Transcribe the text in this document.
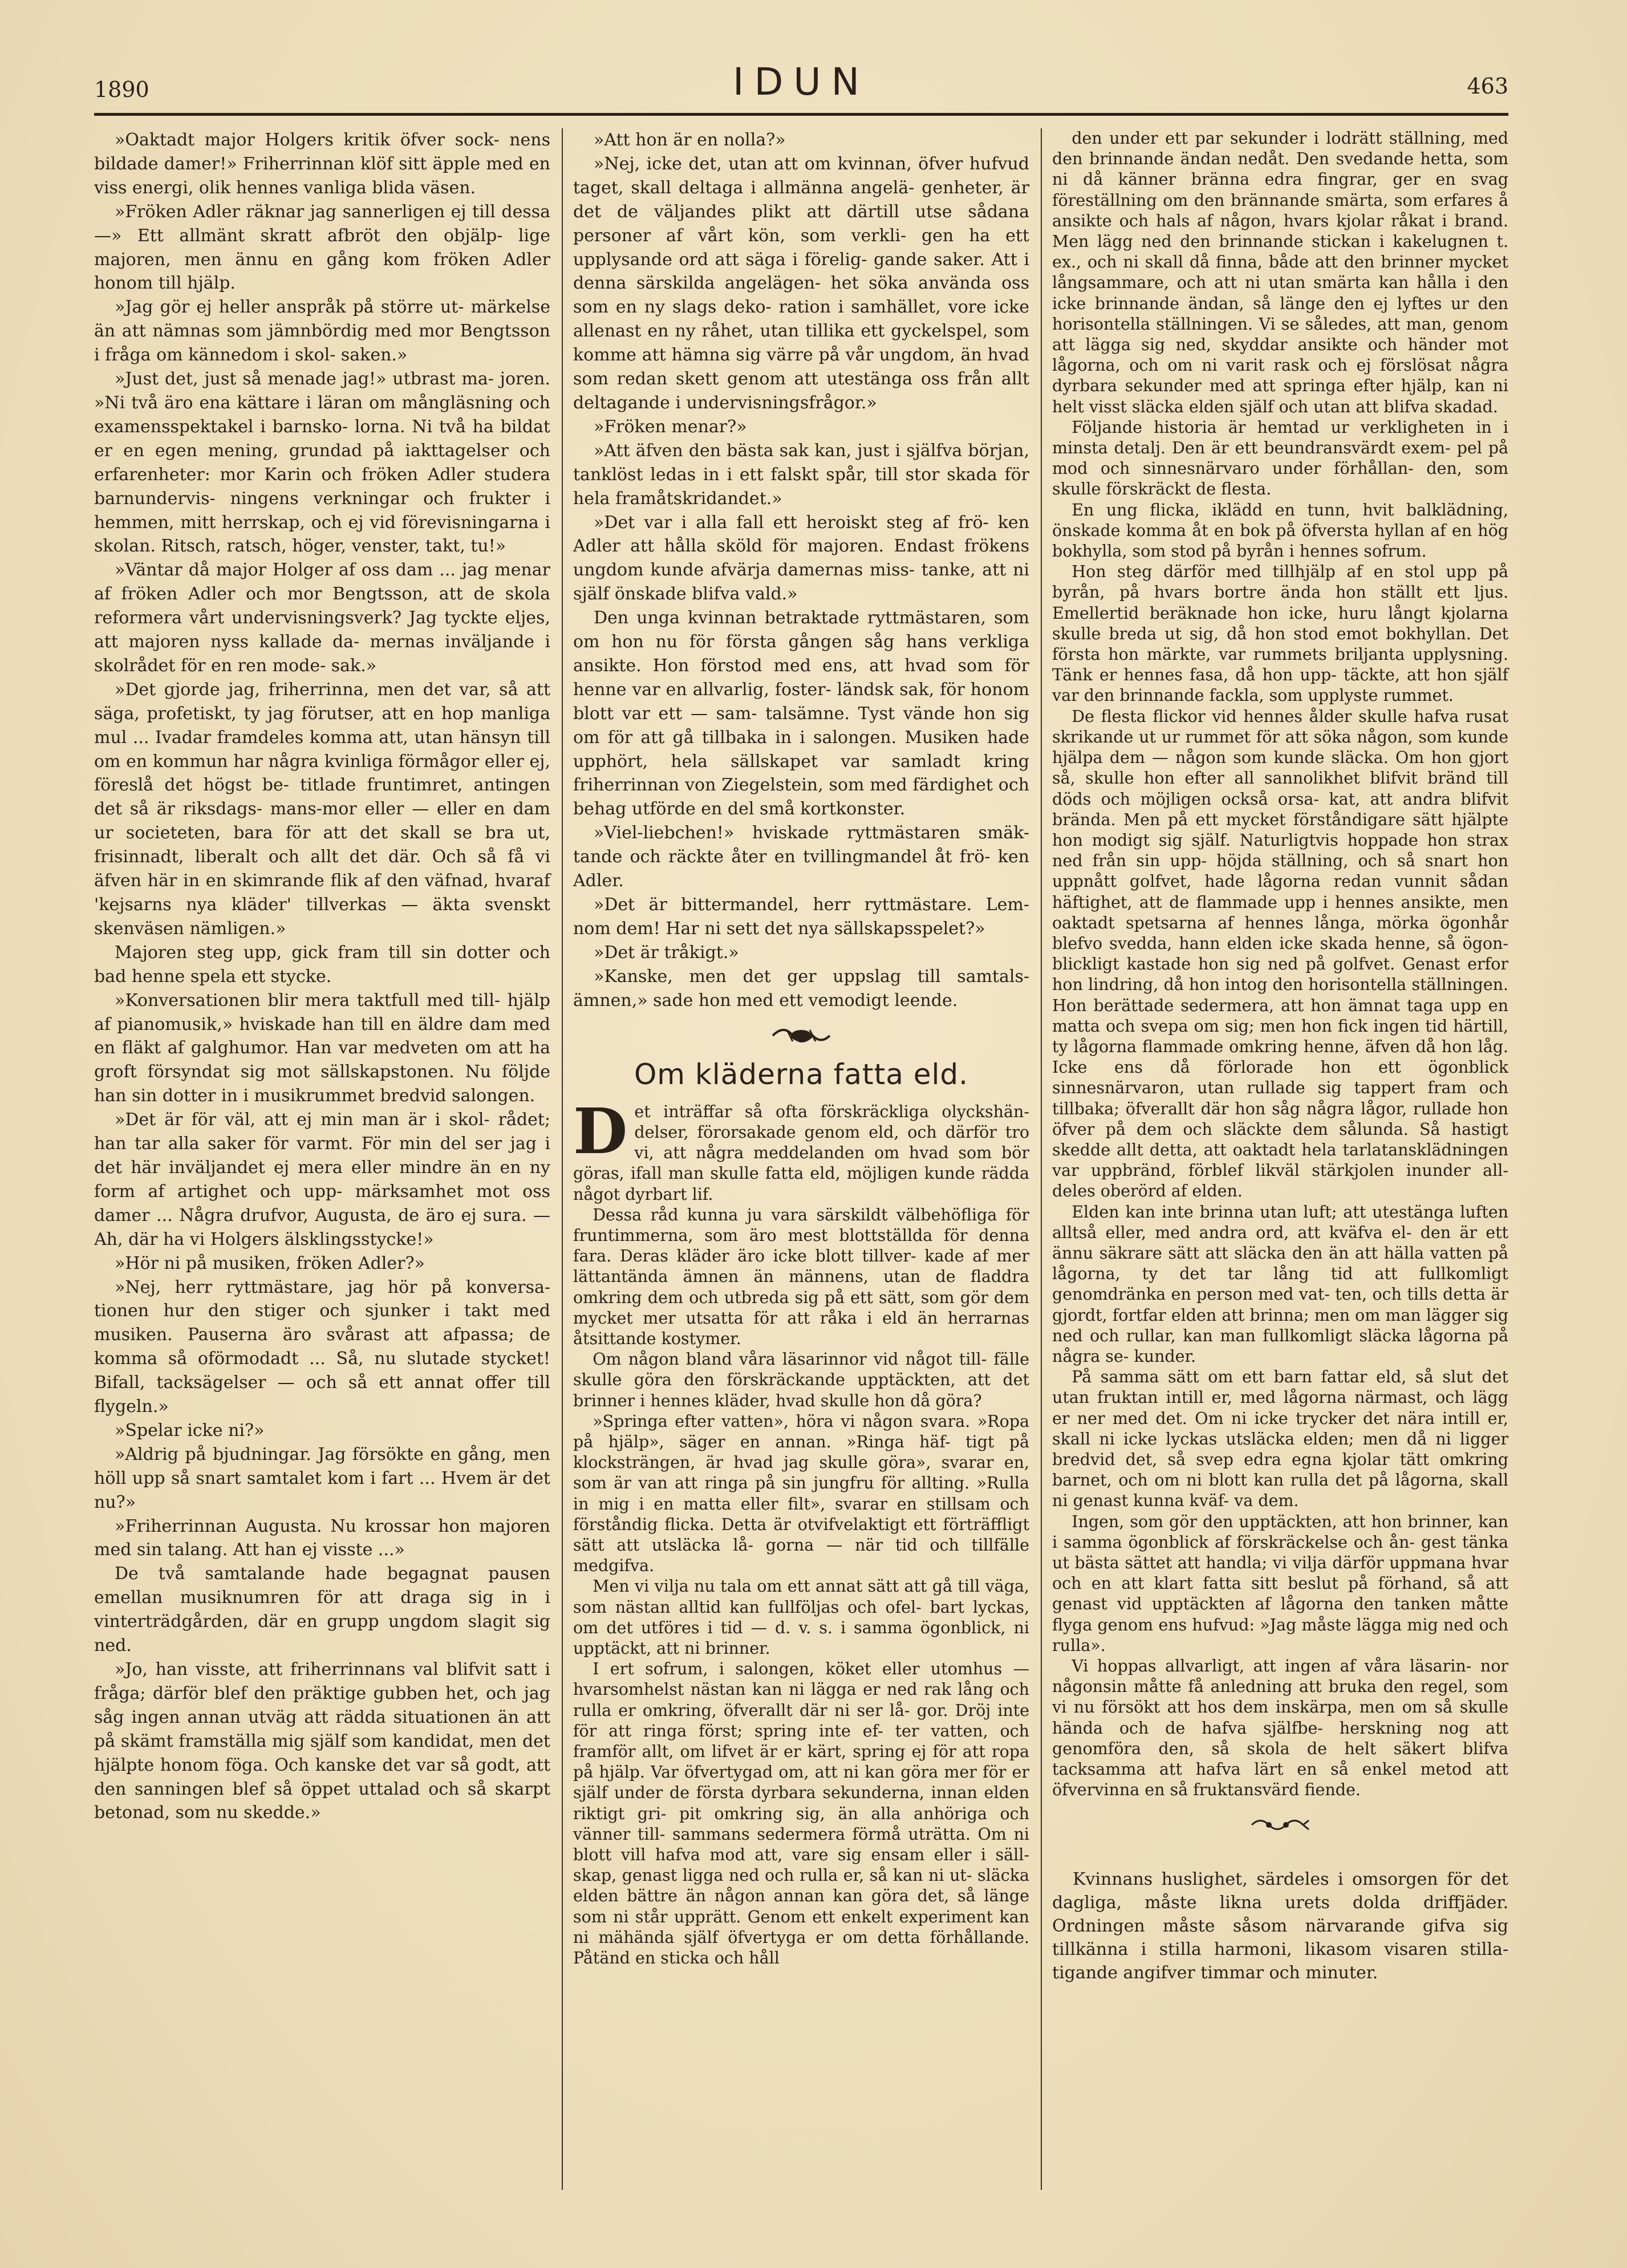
1890	IDUN	463

»Oaktadt major Holgers kritik öfver sock- nens bildade damer!» Friherrinnan klöf sitt äpple med en viss energi, olik hennes vanliga blida väsen.

»Fröken Adler räknar jag sannerligen ej till dessa —» Ett allmänt skratt afbröt den objälp- lige majoren, men ännu en gång kom fröken Adler honom till hjälp.

»Jag gör ej heller anspråk på större ut- märkelse än att nämnas som jämnbördig med mor Bengtsson i fråga om kännedom i skol- saken.»

»Just det, just så menade jag!» utbrast ma- joren. »Ni två äro ena kättare i läran om mångläsning och examensspektakel i barnsko- lorna. Ni två ha bildat er en egen mening, grundad på iakttagelser och erfarenheter: mor Karin och fröken Adler studera barnundervis- ningens verkningar och frukter i hemmen, mitt herrskap, och ej vid förevisningarna i skolan. Ritsch, ratsch, höger, venster, takt, tu!»

»Väntar då major Holger af oss dam ... jag menar af fröken Adler och mor Bengtsson, att de skola reformera vårt undervisningsverk? Jag tyckte eljes, att majoren nyss kallade da- mernas inväljande i skolrådet för en ren mode- sak.»

»Det gjorde jag, friherrinna, men det var, så att säga, profetiskt, ty jag förutser, att en hop manliga mul ... Ivadar framdeles komma att, utan hänsyn till om en kommun har några kvinliga förmågor eller ej, föreslå det högst be- titlade fruntimret, antingen det så är riksdags- mans-mor eller — eller en dam ur societeten, bara för att det skall se bra ut, frisinnadt, liberalt och allt det där. Och så få vi äfven här in en skimrande flik af den väfnad, hvaraf 'kejsarns nya kläder' tillverkas — äkta svenskt skenväsen nämligen.»

Majoren steg upp, gick fram till sin dotter och bad henne spela ett stycke.

»Konversationen blir mera taktfull med till- hjälp af pianomusik,» hviskade han till en äldre dam med en fläkt af galghumor. Han var medveten om att ha groft försyndat sig mot sällskapstonen. Nu följde han sin dotter in i musikrummet bredvid salongen.

»Det är för väl, att ej min man är i skol- rådet; han tar alla saker för varmt. För min del ser jag i det här inväljandet ej mera eller mindre än en ny form af artighet och upp- märksamhet mot oss damer ... Några drufvor, Augusta, de äro ej sura. — Ah, där ha vi Holgers älsklingsstycke!»

»Hör ni på musiken, fröken Adler?»

»Nej, herr ryttmästare, jag hör på konversa- tionen hur den stiger och sjunker i takt med musiken. Pauserna äro svårast att afpassa; de komma så oförmodadt ... Så, nu slutade stycket! Bifall, tacksägelser — och så ett annat offer till flygeln.»

»Spelar icke ni?»

»Aldrig på bjudningar. Jag försökte en gång, men höll upp så snart samtalet kom i fart ... Hvem är det nu?»

»Friherrinnan Augusta. Nu krossar hon majoren med sin talang. Att han ej visste ...»

De två samtalande hade begagnat pausen emellan musiknumren för att draga sig in i vinterträdgården, där en grupp ungdom slagit sig ned.

»Jo, han visste, att friherrinnans val blifvit satt i fråga; därför blef den präktige gubben het, och jag såg ingen annan utväg att rädda situationen än att på skämt framställa mig själf som kandidat, men det hjälpte honom föga. Och kanske det var så godt, att den sanningen blef så öppet uttalad och så skarpt betonad, som nu skedde.»

»Att hon är en nolla?»

»Nej, icke det, utan att om kvinnan, öfver hufvud taget, skall deltaga i allmänna angelä- genheter, är det de väljandes plikt att därtill utse sådana personer af vårt kön, som verkli- gen ha ett upplysande ord att säga i förelig- gande saker. Att i denna särskilda angelägen- het söka använda oss som en ny slags deko- ration i samhället, vore icke allenast en ny råhet, utan tillika ett gyckelspel, som komme att hämna sig värre på vår ungdom, än hvad som redan skett genom att utestänga oss från allt deltagande i undervisningsfrågor.»

»Fröken menar?»

»Att äfven den bästa sak kan, just i själfva början, tanklöst ledas in i ett falskt spår, till stor skada för hela framåtskridandet.»

»Det var i alla fall ett heroiskt steg af frö- ken Adler att hålla sköld för majoren. Endast frökens ungdom kunde afvärja damernas miss- tanke, att ni själf önskade blifva vald.»

Den unga kvinnan betraktade ryttmästaren, som om hon nu för första gången såg hans verkliga ansikte. Hon förstod med ens, att hvad som för henne var en allvarlig, foster- ländsk sak, för honom blott var ett — sam- talsämne. Tyst vände hon sig om för att gå tillbaka in i salongen. Musiken hade upphört, hela sällskapet var samladt kring friherrinnan von Ziegelstein, som med färdighet och behag utförde en del små kortkonster.

»Viel-liebchen!» hviskade ryttmästaren smäk- tande och räckte åter en tvillingmandel åt frö- ken Adler.

»Det är bittermandel, herr ryttmästare. Lem- nom dem! Har ni sett det nya sällskapsspelet?»

»Det är tråkigt.»

»Kanske, men det ger uppslag till samtals- ämnen,» sade hon med ett vemodigt leende.

Om kläderna fatta eld.

Det inträffar så ofta förskräckliga olyckshän- delser, förorsakade genom eld, och därför tro vi, att några meddelanden om hvad som bör göras, ifall man skulle fatta eld, möjligen kunde räddа något dyrbart lif.

Dessa råd kunna ju vara särskildt välbehöfliga för fruntimmerna, som äro mest blottställda för denna fara. Deras kläder äro icke blott tillver- kade af mer lättantända ämnen än männens, utan de fladdra omkring dem och utbreda sig på ett sätt, som gör dem mycket mer utsatta för att råka i eld än herrarnas åtsittande kostymer.

Om någon bland våra läsarinnor vid något till- fälle skulle göra den förskräckande upptäckten, att det brinner i hennes kläder, hvad skulle hon då göra?

»Springa efter vatten», höra vi någon svara. »Ropa på hjälp», säger en annan. »Ringa häf- tigt på klocksträngen, är hvad jag skulle göra», svarar en, som är van att ringa på sin jungfru för allting. »Rulla in mig i en matta eller filt», svarar en stillsam och förståndig flicka. Detta är otvifvelaktigt ett förträffligt sätt att utsläcka lå- gorna — när tid och tillfälle medgifva.

Men vi vilja nu tala om ett annat sätt att gå till väga, som nästan alltid kan fullföljas och ofel- bart lyckas, om det utföres i tid — d. v. s. i samma ögonblick, ni upptäckt, att ni brinner.

I ert sofrum, i salongen, köket eller utomhus — hvarsomhelst nästan kan ni lägga er ned rak lång och rulla er omkring, öfverallt där ni ser lå- gor. Dröj inte för att ringa först; spring inte ef- ter vatten, och framför allt, om lifvet är er kärt, spring ej för att ropa på hjälp. Var öfvertygad om, att ni kan göra mer för er själf under de första dyrbara sekunderna, innan elden riktigt gri- pit omkring sig, än alla anhöriga och vänner till- sammans sedermera förmå uträtta. Om ni blott vill hafva mod att, vare sig ensam eller i säll- skap, genast ligga ned och rulla er, så kan ni ut- släcka elden bättre än någon annan kan göra det, så länge som ni står upprätt. Genom ett enkelt experiment kan ni mähända själf öfvertyga er om detta förhållande. Påtänd en sticka och håll

den under ett par sekunder i lodrätt ställning, med den brinnande ändan nedåt. Den svedande hetta, som ni då känner bränna edra fingrar, ger en svag föreställning om den brännande smärta, som erfares å ansikte och hals af någon, hvars kjolar råkat i brand. Men lägg ned den brinnande stickan i kakelugnen t. ex., och ni skall då finna, både att den brinner mycket långsammare, och att ni utan smärta kan hålla i den icke brinnande ändan, så länge den ej lyftes ur den horisontella ställningen. Vi se således, att man, genom att lägga sig ned, skyddar ansikte och händer mot lågorna, och om ni varit rask och ej förslösat några dyrbara sekunder med att springa efter hjälp, kan ni helt visst släcka elden själf och utan att blifva skadad.

Följande historia är hemtad ur verkligheten in i minsta detalj. Den är ett beundransvärdt exem- pel på mod och sinnesnärvaro under förhållan- den, som skulle förskräckt de flesta.

En ung flicka, iklädd en tunn, hvit balklädning, önskade komma åt en bok på öfversta hyllan af en hög bokhylla, som stod på byrån i hennes sofrum.

Hon steg därför med tillhjälp af en stol upp på byrån, på hvars bortre ända hon ställt ett ljus. Emellertid beräknade hon icke, huru långt kjolarna skulle breda ut sig, då hon stod emot bokhyllan. Det första hon märkte, var rummets briljanta upplysning. Tänk er hennes fasa, då hon upp- täckte, att hon själf var den brinnande fackla, som upplyste rummet.

De flesta flickor vid hennes ålder skulle hafva rusat skrikande ut ur rummet för att söka någon, som kunde hjälpa dem — någon som kunde släcka. Om hon gjort så, skulle hon efter all sannolikhet blifvit bränd till döds och möjligen också orsa- kat, att andra blifvit brända. Men på ett mycket förståndigare sätt hjälpte hon modigt sig själf. Naturligtvis hoppade hon strax ned från sin upp- höjda ställning, och så snart hon uppnått golfvet, hade lågorna redan vunnit sådan häftighet, att de flammade upp i hennes ansikte, men oaktadt spetsarna af hennes långa, mörka ögonhår blefvo svedda, hann elden icke skada henne, så ögon- blickligt kastade hon sig ned på golfvet. Genast erfor hon lindring, då hon intog den horisontella ställningen. Hon berättade sedermera, att hon ämnat taga upp en matta och svepa om sig; men hon fick ingen tid härtill, ty lågorna flammade omkring henne, äfven då hon låg. Icke ens då förlorade hon ett ögonblick sinnesnärvaron, utan rullade sig tappert fram och tillbaka; öfverallt där hon såg några lågor, rullade hon öfver på dem och släckte dem sålunda. Så hastigt skedde allt detta, att oaktadt hela tarlatansklädningen var uppbränd, förblef likväl stärkjolen inunder all- deles oberörd af elden.

Elden kan inte brinna utan luft; att utestänga luften alltså eller, med andra ord, att kväfva el- den är ett ännu säkrare sätt att släcka den än att hälla vatten på lågorna, ty det tar lång tid att fullkomligt genomdränka en person med vat- ten, och tills detta är gjordt, fortfar elden att brinna; men om man lägger sig ned och rullar, kan man fullkomligt släcka lågorna på några se- kunder.

På samma sätt om ett barn fattar eld, så slut det utan fruktan intill er, med lågorna närmast, och lägg er ner med det. Om ni icke trycker det nära intill er, skall ni icke lyckas utsläcka elden; men då ni ligger bredvid det, så svep edra egna kjolar tätt omkring barnet, och om ni blott kan rulla det på lågorna, skall ni genast kunna kväf- va dem.

Ingen, som gör den upptäckten, att hon brinner, kan i samma ögonblick af förskräckelse och ån- gest tänka ut bästa sättet att handla; vi vilja därför uppmana hvar och en att klart fatta sitt beslut på förhand, så att genast vid upptäckten af lågorna den tanken måtte flyga genom ens hufvud: »Jag måste lägga mig ned och rulla».

Vi hoppas allvarligt, att ingen af våra läsarin- nor någonsin måtte få anledning att bruka den regel, som vi nu försökt att hos dem inskärpa, men om så skulle hända och de hafva själfbe- herskning nog att genomföra den, så skola de helt säkert blifva tacksamma att hafva lärt en så enkel metod att öfvervinna en så fruktansvärd fiende.

Kvinnans huslighet, särdeles i omsorgen för det dagliga, måste likna urets dolda driffjäder. Ordningen måste såsom närvarande gifva sig tillkänna i stilla harmoni, likasom visaren stilla- tigande angifver timmar och minuter.
